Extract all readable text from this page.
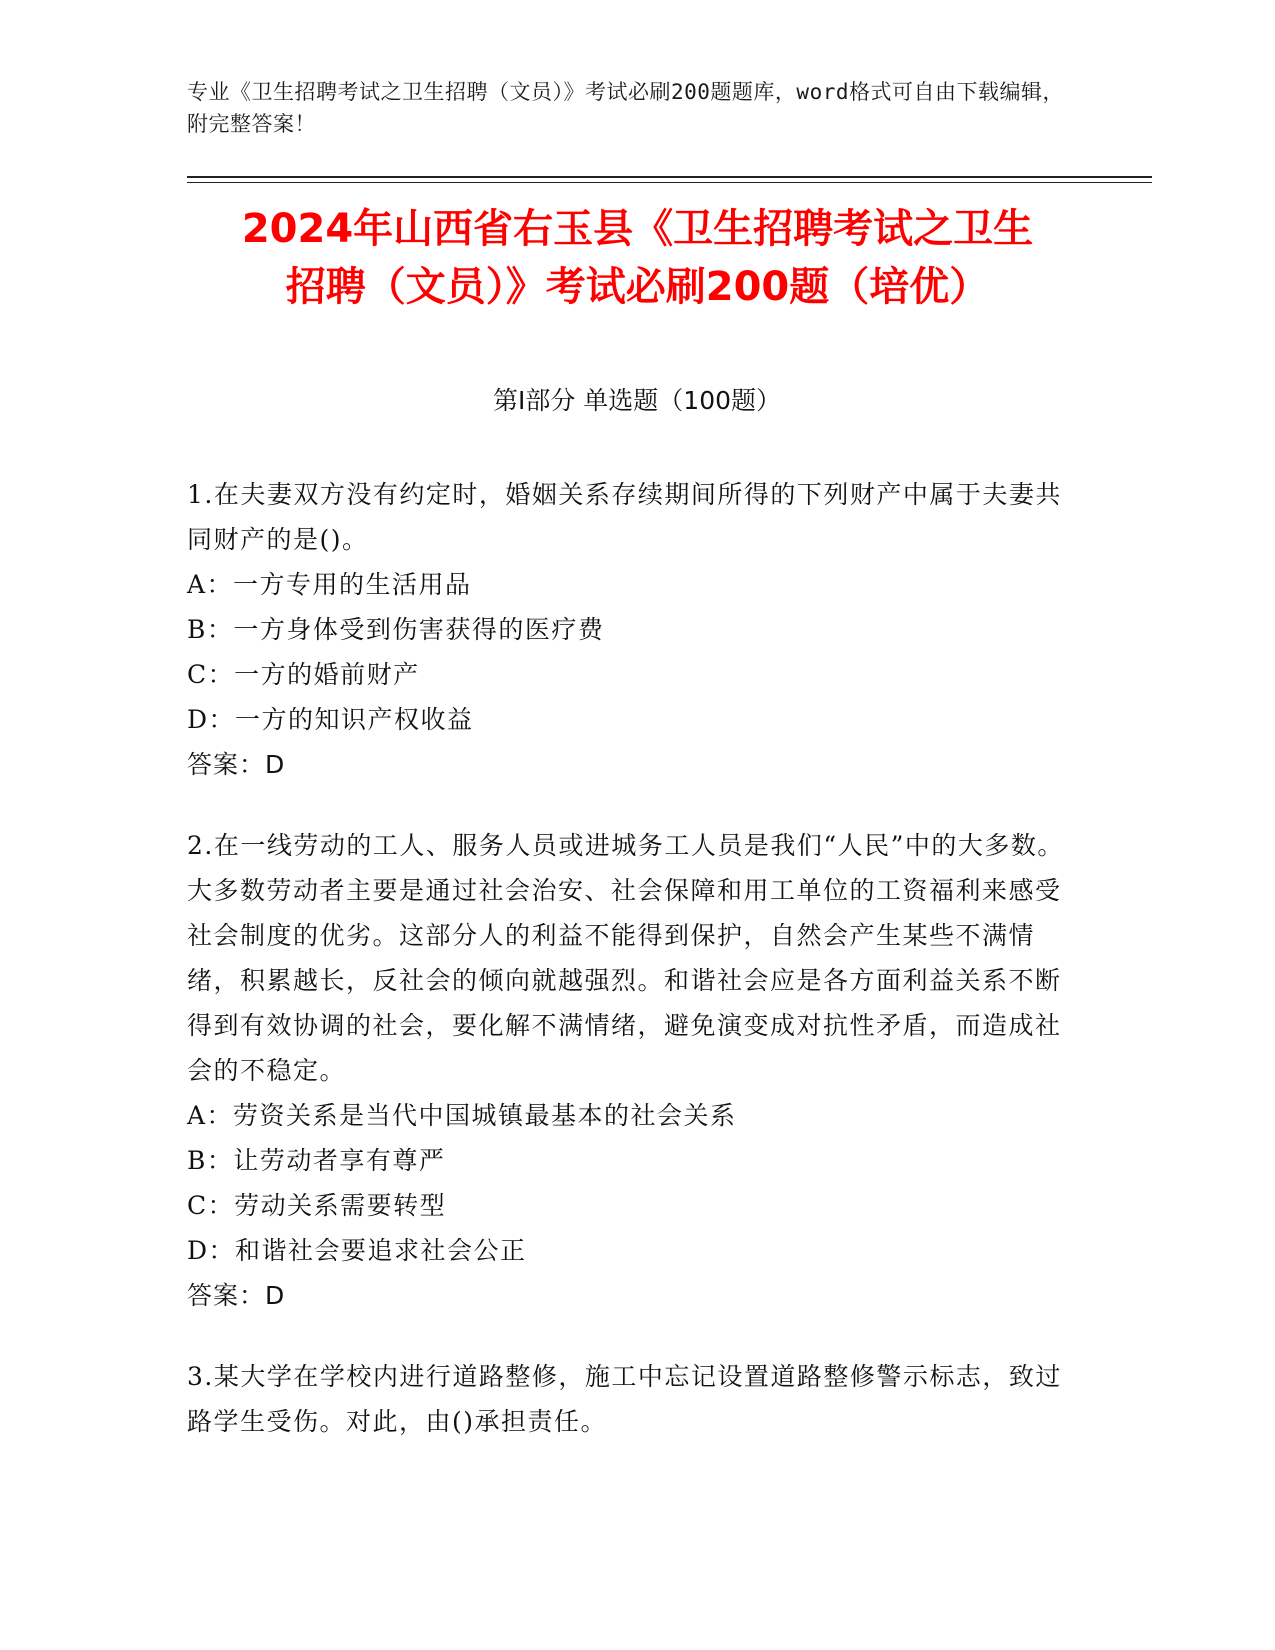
专业《卫生招聘考试之卫生招聘（文员）》考试必刷200题题库，word格式可自由下载编辑，附完整答案！
2024年山西省右玉县《卫生招聘考试之卫生
招聘（文员）》考试必刷200题（培优）
第Ⅰ部分 单选题（100题）
1.在夫妻双方没有约定时，婚姻关系存续期间所得的下列财产中属于夫妻共同财产的是()。
A：一方专用的生活用品
B：一方身体受到伤害获得的医疗费
C：一方的婚前财产
D：一方的知识产权收益
答案：D
2.在一线劳动的工人、服务人员或进城务工人员是我们“人民”中的大多数。大多数劳动者主要是通过社会治安、社会保障和用工单位的工资福利来感受社会制度的优劣。这部分人的利益不能得到保护，自然会产生某些不满情绪，积累越长，反社会的倾向就越强烈。和谐社会应是各方面利益关系不断得到有效协调的社会，要化解不满情绪，避免演变成对抗性矛盾，而造成社会的不稳定。
A：劳资关系是当代中国城镇最基本的社会关系
B：让劳动者享有尊严
C：劳动关系需要转型
D：和谐社会要追求社会公正
答案：D
3.某大学在学校内进行道路整修，施工中忘记设置道路整修警示标志，致过路学生受伤。对此，由()承担责任。
